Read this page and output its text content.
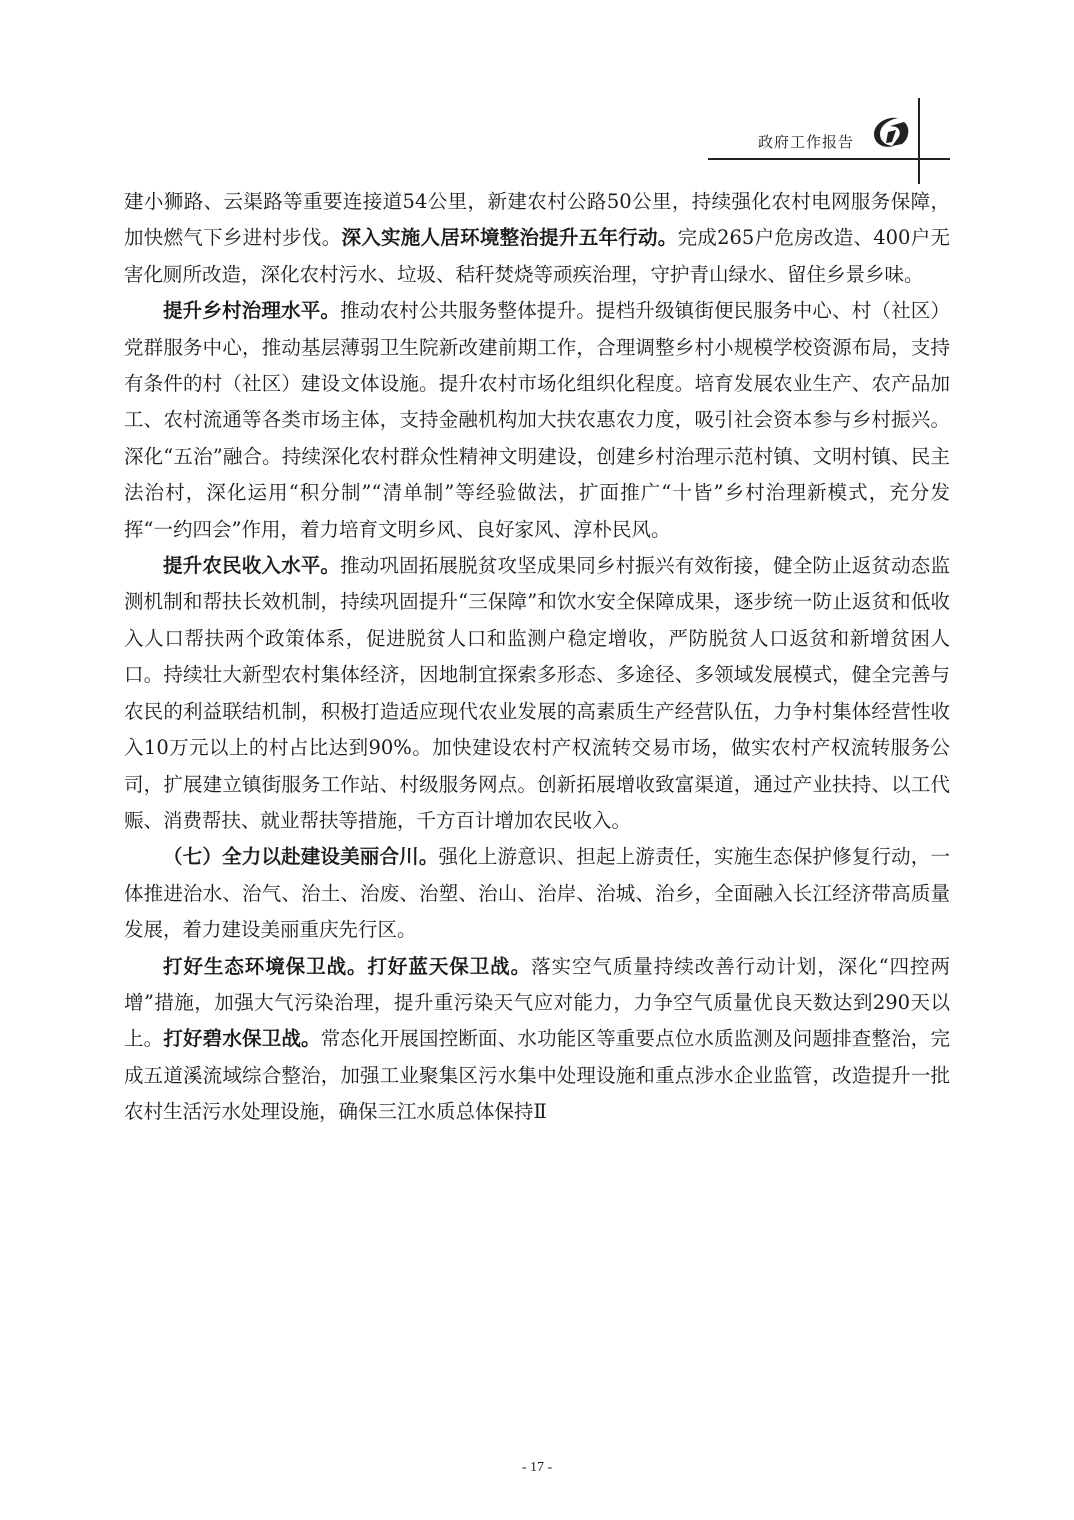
政府工作报告

建小狮路、云渠路等重要连接道54公里，新建农村公路50公里，持续强化农村电网服务保障，加快燃气下乡进村步伐。深入实施人居环境整治提升五年行动。完成265户危房改造、400户无害化厕所改造，深化农村污水、垃圾、秸秆焚烧等顽疾治理，守护青山绿水、留住乡景乡味。

提升乡村治理水平。推动农村公共服务整体提升。提档升级镇街便民服务中心、村（社区）党群服务中心，推动基层薄弱卫生院新改建前期工作，合理调整乡村小规模学校资源布局，支持有条件的村（社区）建设文体设施。提升农村市场化组织化程度。培育发展农业生产、农产品加工、农村流通等各类市场主体，支持金融机构加大扶农惠农力度，吸引社会资本参与乡村振兴。深化“五治”融合。持续深化农村群众性精神文明建设，创建乡村治理示范村镇、文明村镇、民主法治村，深化运用“积分制”“清单制”等经验做法，扩面推广“十皆”乡村治理新模式，充分发挥“一约四会”作用，着力培育文明乡风、良好家风、淳朴民风。

提升农民收入水平。推动巩固拓展脱贫攻坚成果同乡村振兴有效衔接，健全防止返贫动态监测机制和帮扶长效机制，持续巩固提升“三保障”和饮水安全保障成果，逐步统一防止返贫和低收入人口帮扶两个政策体系，促进脱贫人口和监测户稳定增收，严防脱贫人口返贫和新增贫困人口。持续壮大新型农村集体经济，因地制宜探索多形态、多途径、多领域发展模式，健全完善与农民的利益联结机制，积极打造适应现代农业发展的高素质生产经营队伍，力争村集体经营性收入10万元以上的村占比达到90%。加快建设农村产权流转交易市场，做实农村产权流转服务公司，扩展建立镇街服务工作站、村级服务网点。创新拓展增收致富渠道，通过产业扶持、以工代赈、消费帮扶、就业帮扶等措施，千方百计增加农民收入。

（七）全力以赴建设美丽合川。强化上游意识、担起上游责任，实施生态保护修复行动，一体推进治水、治气、治土、治废、治塑、治山、治岸、治城、治乡，全面融入长江经济带高质量发展，着力建设美丽重庆先行区。

打好生态环境保卫战。打好蓝天保卫战。落实空气质量持续改善行动计划，深化“四控两增”措施，加强大气污染治理，提升重污染天气应对能力，力争空气质量优良天数达到290天以上。打好碧水保卫战。常态化开展国控断面、水功能区等重要点位水质监测及问题排查整治，完成五道溪流域综合整治，加强工业聚集区污水集中处理设施和重点涉水企业监管，改造提升一批农村生活污水处理设施，确保三江水质总体保持Ⅱ

- 17 -
